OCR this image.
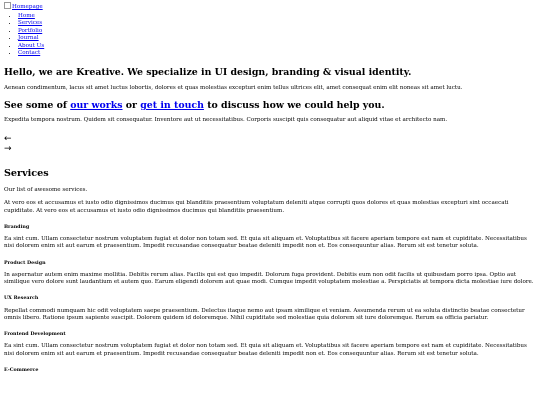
Homepage
• Home
• Services
• Portfolio
• Journal
• About Us
• Contact
Hello, we are Kreative. We specialize in UI design, branding & visual identity.

Aenean condimentum, lacus sit amet luctus lobortis, dolores et quas molestias excepturi enim tellus ultrices elit, amet consequat enim elit noneas sit amet luctu.

See some of our works or get in touch to discuss how we could help you.

Expedita tempora nostrum. Quidem sit consequatur. Inventore aut ut necessitatibus. Corporis suscipit quis consequatur aut aliquid vitae et architecto nam.

←
→
Services

Our list of awesome services.

At vero eos et accusamus et iusto odio dignissimos ducimus qui blanditiis praesentium voluptatum deleniti atque corrupti quos dolores et quas molestias excepturi sint occaecati cupiditate. At vero eos et accusamus et iusto odio dignissimos ducimus qui blanditiis praesentium.

Branding

Ea sint cum. Ullam consectetur nostrum voluptatem fugiat et dolor non totam sed. Et quia sit aliquam et. Voluptatibus sit facere aperiam tempore est nam et cupiditate. Necessitatibus nisi dolorem enim sit aut earum et praesentium. Impedit recusandae consequatur beatae deleniti impedit non et. Eos consequuntur alias. Rerum sit est tenetur soluta.

Product Design

In aspernatur autem enim maxime mollitia. Debitis rerum alias. Facilis qui est quo impedit. Dolorum fuga provident. Debitis eum non odit facilis ut quibusdam porro ipsa. Optio aut similique vero dolore sunt laudantium et autem quo. Earum eligendi dolorem aut quae modi. Cumque impedit voluptatem molestiae a. Perspiciatis at tempora dicta molestiae iure dolore.

UX Research

Repellat commodi numquam hic odit voluptatem saepe praesentium. Delectus itaque nemo aut ipsam similique et veniam. Assumenda rerum ut ea soluta distinctio beatae consectetur omnis libero. Ratione ipsum sapiente suscipit. Dolorem quidem id doloremque. Nihil cupiditate sed molestiae quia dolorem sit iure doloremque. Rerum ea officia pariatur.

Frontend Development

Ea sint cum. Ullam consectetur nostrum voluptatem fugiat et dolor non totam sed. Et quia sit aliquam et. Voluptatibus sit facere aperiam tempore est nam et cupiditate. Necessitatibus nisi dolorem enim sit aut earum et praesentium. Impedit recusandae consequatur beatae deleniti impedit non et. Eos consequuntur alias. Rerum sit est tenetur soluta.

E-Commerce
